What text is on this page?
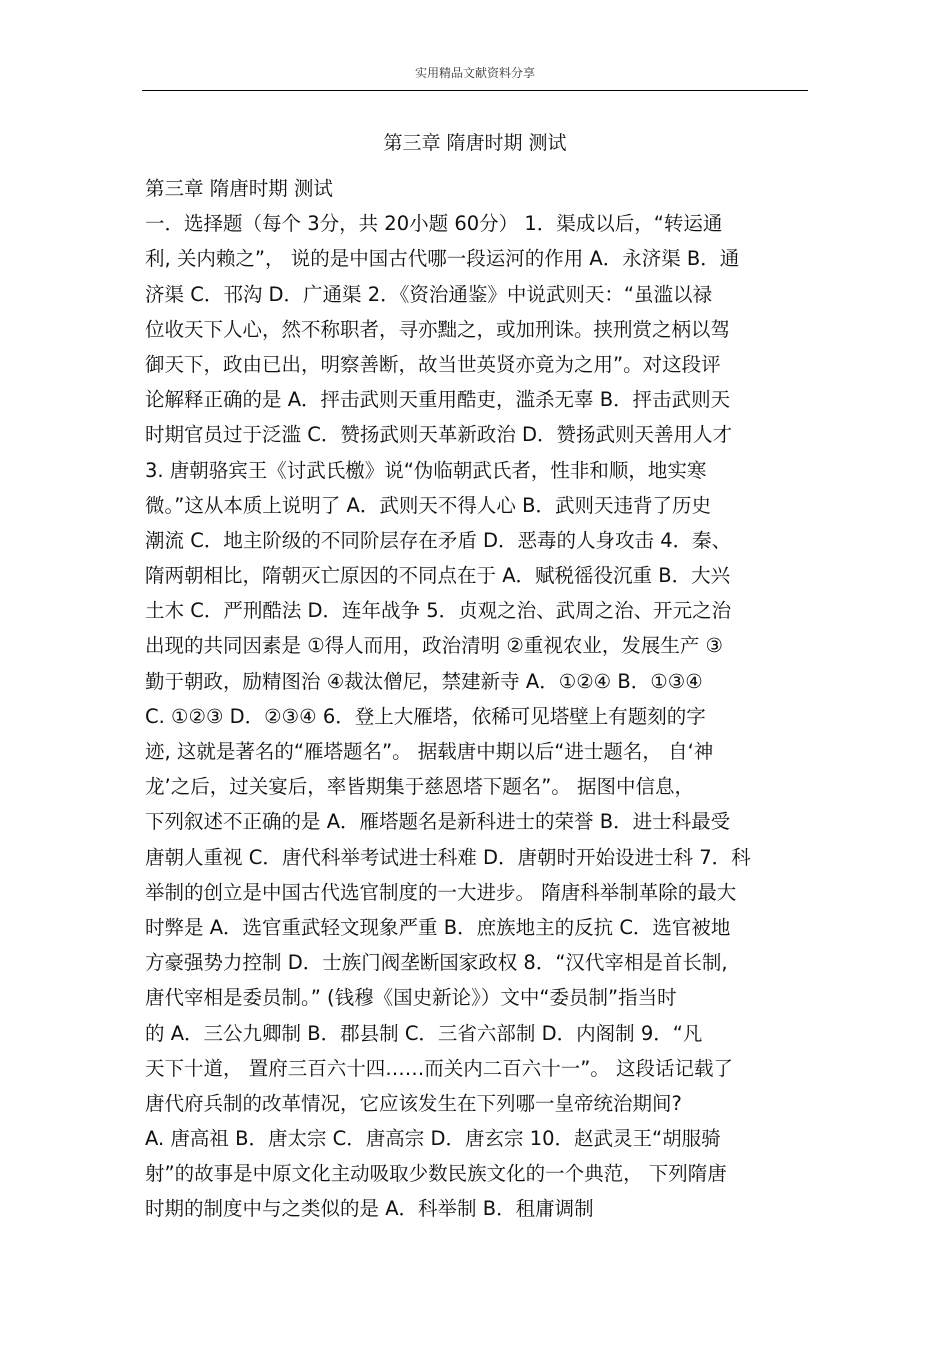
实用精品文献资料分享
第三章 隋唐时期 测试
第三章 隋唐时期 测试
一．选择题（每个 3分，共 20小题 60分） 1．渠成以后，“转运通
利, 关内赖之”， 说的是中国古代哪一段运河的作用 A．永济渠 B．通
济渠 C．邗沟 D．广通渠 2．《资治通鉴》中说武则天：“虽滥以禄
位收天下人心，然不称职者，寻亦黜之，或加刑诛。挟刑赏之柄以驾
御天下，政由已出，明察善断，故当世英贤亦竟为之用”。对这段评
论解释正确的是 A．抨击武则天重用酷吏，滥杀无辜 B．抨击武则天
时期官员过于泛滥 C．赞扬武则天革新政治 D．赞扬武则天善用人才
3. 唐朝骆宾王《讨武氏檄》说“伪临朝武氏者，性非和顺，地实寒
微。”这从本质上说明了 A．武则天不得人心 B．武则天违背了历史
潮流 C．地主阶级的不同阶层存在矛盾 D．恶毒的人身攻击 4．秦、
隋两朝相比，隋朝灭亡原因的不同点在于 A．赋税徭役沉重 B．大兴
土木 C．严刑酷法 D．连年战争 5．贞观之治、武周之治、开元之治
出现的共同因素是 ①得人而用，政治清明 ②重视农业，发展生产 ③
勤于朝政，励精图治 ④裁汰僧尼，禁建新寺 A．①②④ B．①③④
C. ①②③ D．②③④ 6．登上大雁塔，依稀可见塔壁上有题刻的字
迹, 这就是著名的“雁塔题名”。 据载唐中期以后“进士题名， 自‘神
龙’之后，过关宴后，率皆期集于慈恩塔下题名”。 据图中信息，
下列叙述不正确的是 A．雁塔题名是新科进士的荣誉 B．进士科最受
唐朝人重视 C．唐代科举考试进士科难 D．唐朝时开始设进士科 7．科
举制的创立是中国古代选官制度的一大进步。 隋唐科举制革除的最大
时弊是 A．选官重武轻文现象严重 B．庶族地主的反抗 C．选官被地
方豪强势力控制 D．士族门阀垄断国家政权 8．“汉代宰相是首长制,
唐代宰相是委员制。” (钱穆《国史新论》）文中“委员制”指当时
的 A．三公九卿制 B．郡县制 C．三省六部制 D．内阁制 9．“凡
天下十道， 置府三百六十四……而关内二百六十一”。 这段话记载了
唐代府兵制的改革情况，它应该发生在下列哪一皇帝统治期间?
A. 唐高祖 B．唐太宗 C．唐高宗 D．唐玄宗 10．赵武灵王“胡服骑
射”的故事是中原文化主动吸取少数民族文化的一个典范， 下列隋唐
时期的制度中与之类似的是 A．科举制 B．租庸调制
